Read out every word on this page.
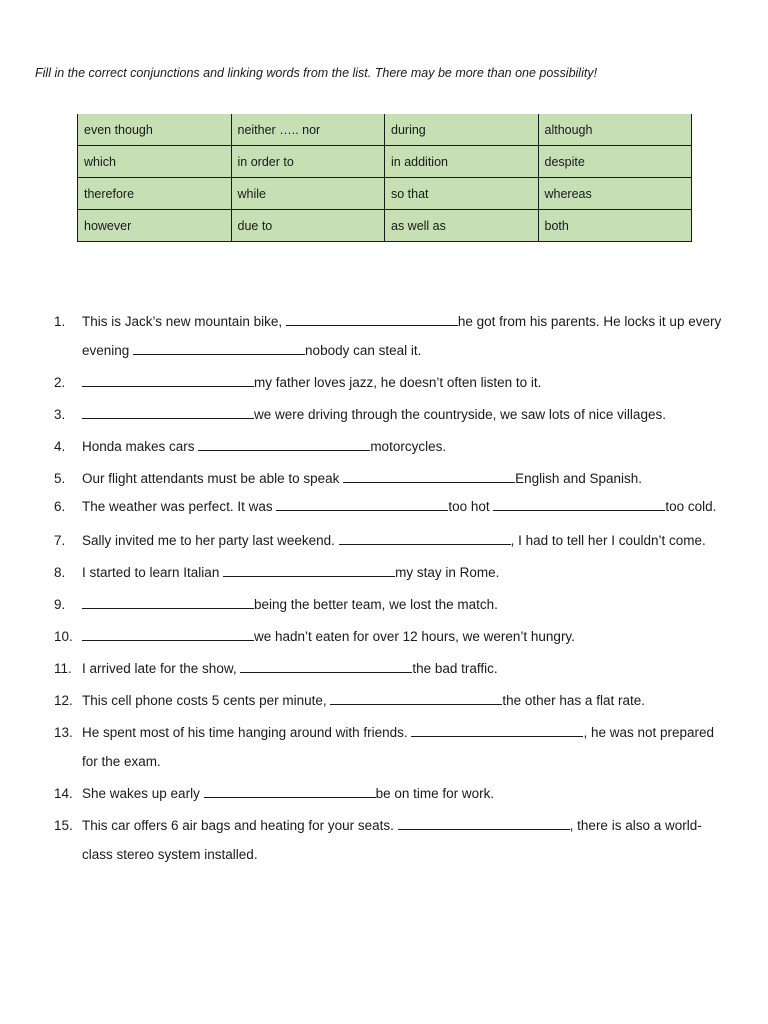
Fill in the correct conjunctions and linking words from the list. There may be more than one possibility!
even though	neither ….. nor	during	although
which	in order to	in addition	despite
therefore	while	so that	whereas
however	due to	as well as	both
1.	This is Jack’s new mountain bike,	he got from his parents. He locks it up every evening	nobody can steal it.
2.	my father loves jazz, he doesn’t often listen to it.
3.	we were driving through the countryside, we saw lots of nice villages.
4.	Honda makes cars	motorcycles.
5.	Our flight attendants must be able to speak	English and Spanish.
6.	The weather was perfect. It was	too hot	too cold.
7.	Sally invited me to her party last weekend.	, I had to tell her I couldn’t come.
8.	I started to learn Italian	my stay in Rome.
9.	being the better team, we lost the match.
10.	we hadn’t eaten for over 12 hours, we weren’t hungry.
11. I arrived late for the show,	the bad traffic.
12. This cell phone costs 5 cents per minute,	the other has a flat rate.
13. He spent most of his time hanging around with friends.	, he was not prepared for the exam.
14. She wakes up early	be on time for work.
15. This car offers 6 air bags and heating for your seats.	, there is also a world-class stereo system installed.
